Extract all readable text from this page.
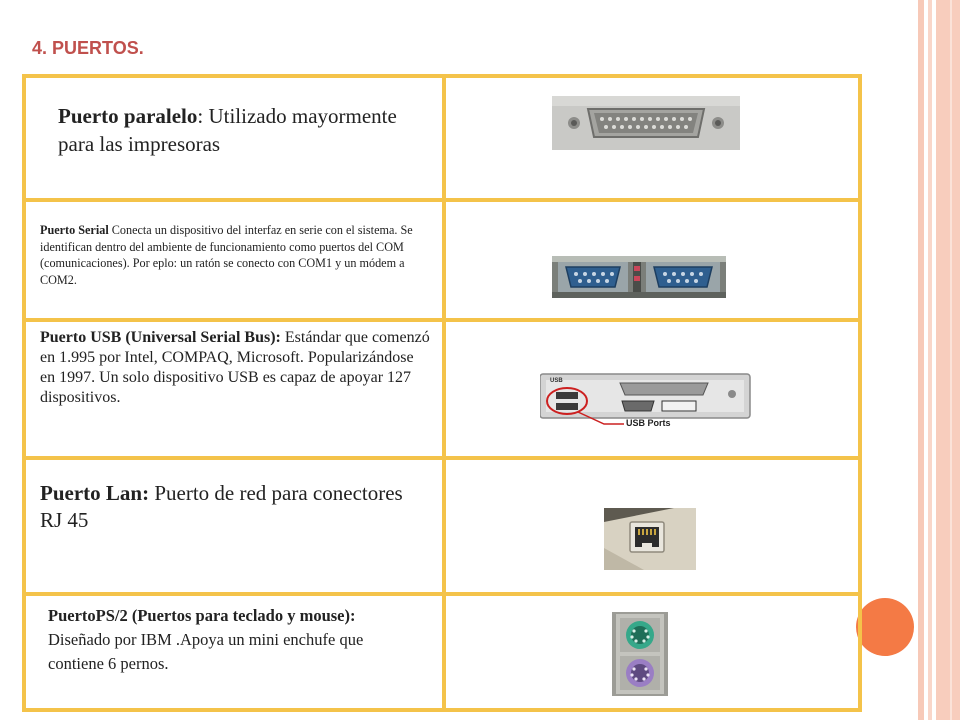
4. PUERTOS.
Puerto paralelo: Utilizado mayormente para las impresoras

Puerto Serial Conecta un dispositivo del interfaz en serie con el sistema. Se identifican dentro del ambiente de funcionamiento como puertos del COM (comunicaciones). Por eplo: un ratón se conecto con COM1 y un módem a COM2.

Puerto USB (Universal Serial Bus): Estándar que comenzó en 1.995 por Intel, COMPAQ, Microsoft. Popularizándose en 1997. Un solo dispositivo USB es capaz de apoyar 127 dispositivos.	USB
USB Ports

Puerto Lan: Puerto de red para conectores RJ 45

PuertoPS/2 (Puertos para teclado y mouse): Diseñado por IBM .Apoya un mini enchufe que contiene 6 pernos.
